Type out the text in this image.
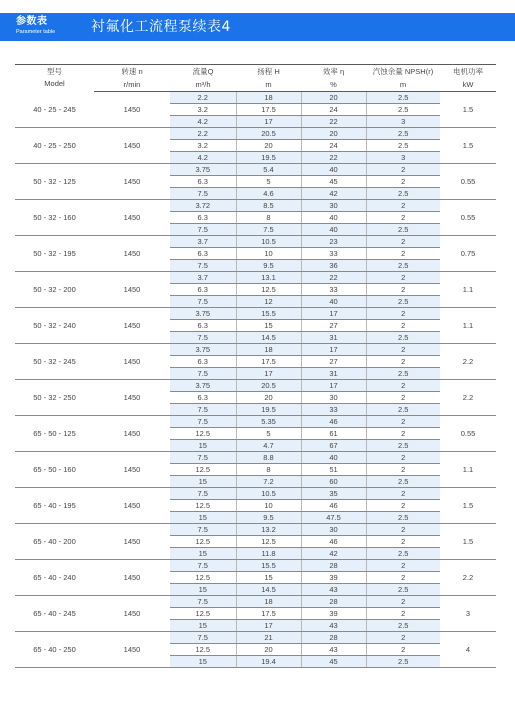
参数表
Parameter table	衬氟化工流程泵续表4
型号
Model	转速 n	流量Q	扬程 H	效率 η	汽蚀余量 NPSH(r)	电机功率
	r/min	m³/h	m	%	m	kW
40 - 25 - 245	1450	2.2	18	20	2.5	1.5
		3.2	17.5	24	2.5	
		4.2	17	22	3	
40 - 25 - 250	1450	2.2	20.5	20	2.5	1.5
		3.2	20	24	2.5	
		4.2	19.5	22	3	
50 - 32 - 125	1450	3.75	5.4	40	2	0.55
		6.3	5	45	2	
		7.5	4.6	42	2.5	
50 - 32 - 160	1450	3.72	8.5	30	2	0.55
		6.3	8	40	2	
		7.5	7.5	40	2.5	
50 - 32 - 195	1450	3.7	10.5	23	2	0.75
		6.3	10	33	2	
		7.5	9.5	36	2.5	
50 - 32 - 200	1450	3.7	13.1	22	2	1.1
		6.3	12.5	33	2	
		7.5	12	40	2.5	
50 - 32 - 240	1450	3.75	15.5	17	2	1.1
		6.3	15	27	2	
		7.5	14.5	31	2.5	
50 - 32 - 245	1450	3.75	18	17	2	2.2
		6.3	17.5	27	2	
		7.5	17	31	2.5	
50 - 32 - 250	1450	3.75	20.5	17	2	2.2
		6.3	20	30	2	
		7.5	19.5	33	2.5	
65 - 50 - 125	1450	7.5	5.35	46	2	0.55
		12.5	5	61	2	
		15	4.7	67	2.5	
65 - 50 - 160	1450	7.5	8.8	40	2	1.1
		12.5	8	51	2	
		15	7.2	60	2.5	
65 - 40 - 195	1450	7.5	10.5	35	2	1.5
		12.5	10	46	2	
		15	9.5	47.5	2.5	
65 - 40 - 200	1450	7.5	13.2	30	2	1.5
		12.5	12.5	46	2	
		15	11.8	42	2.5	
65 - 40 - 240	1450	7.5	15.5	28	2	2.2
		12.5	15	39	2	
		15	14.5	43	2.5	
65 - 40 - 245	1450	7.5	18	28	2	3
		12.5	17.5	39	2	
		15	17	43	2.5	
65 - 40 - 250	1450	7.5	21	28	2	4
		12.5	20	43	2	
		15	19.4	45	2.5	
